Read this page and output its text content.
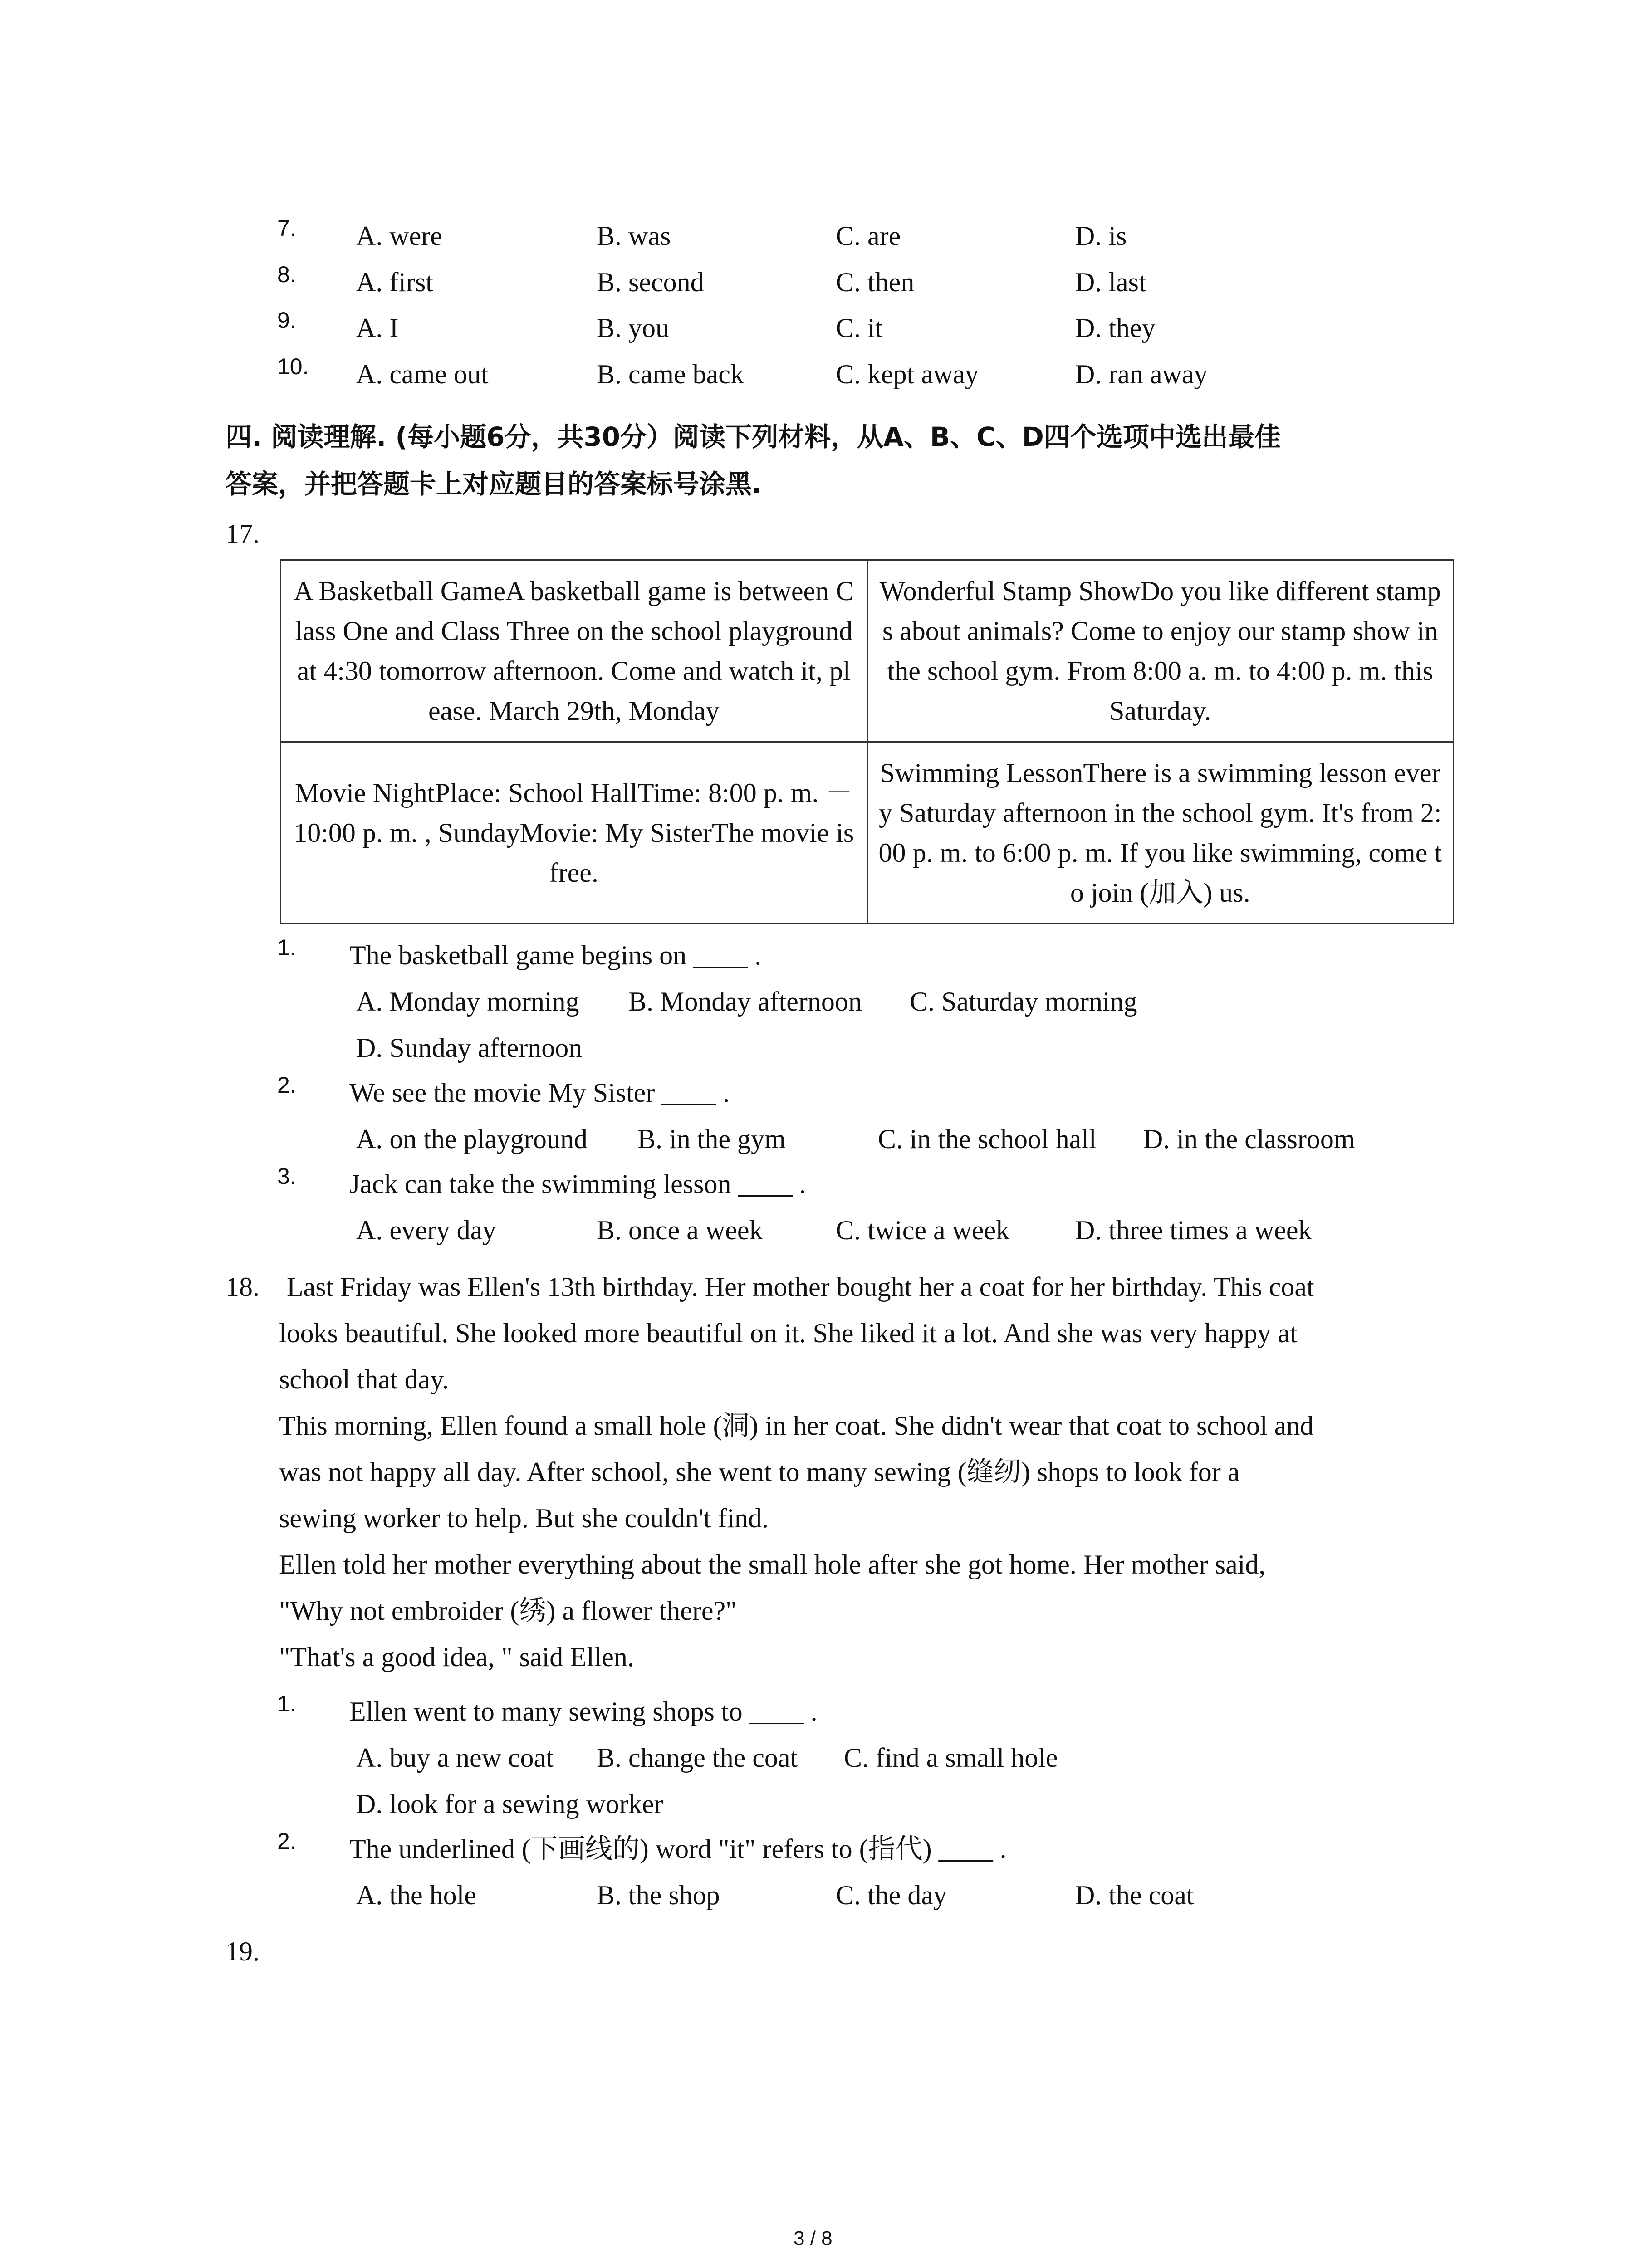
7. A. were	B. was	C. are	D. is
8. A. first	B. second	C. then	D. last
9. A. I	B. you	C. it	D. they
10. A. came out	B. came back	C. kept away	D. ran away
四. 阅读理解. (每小题6分，共30分）阅读下列材料，从A、B、C、D四个选项中选出最佳
答案，并把答题卡上对应题目的答案标号涂黑.
17.
A Basketball GameA basketball game is between Class One and Class Three on the school playground at 4:30 tomorrow afternoon. Come and watch it, please. March 29th, Monday	Wonderful Stamp ShowDo you like different stamps about animals? Come to enjoy our stamp show in the school gym. From 8:00 a. m. to 4:00 p. m. this Saturday.
Movie NightPlace: School HallTime: 8:00 p. m. －10:00 p. m. , SundayMovie: My SisterThe movie is free.	Swimming LessonThere is a swimming lesson every Saturday afternoon in the school gym. It's from 2:00 p. m. to 6:00 p. m. If you like swimming, come to join (加入) us.
1. The basketball game begins on ____ .
A. Monday morning B. Monday afternoon C. Saturday morning
D. Sunday afternoon
2. We see the movie My Sister ____ .
A. on the playground B. in the gym	C. in the school hall D. in the classroom
3. Jack can take the swimming lesson ____ .
A. every day	B. once a week	C. twice a week D. three times a week
18. Last Friday was Ellen's 13th birthday. Her mother bought her a coat for her birthday. This coat
looks beautiful. She looked more beautiful on it. She liked it a lot. And she was very happy at
school that day.
This morning, Ellen found a small hole (洞) in her coat. She didn't wear that coat to school and
was not happy all day. After school, she went to many sewing (缝纫) shops to look for a
sewing worker to help. But she couldn't find.
Ellen told her mother everything about the small hole after she got home. Her mother said,
"Why not embroider (绣) a flower there?"
"That's a good idea, " said Ellen.
1. Ellen went to many sewing shops to ____ .
A. buy a new coat B. change the coat C. find a small hole
D. look for a sewing worker
2. The underlined (下画线的) word "it" refers to (指代) ____ .
A. the hole	B. the shop	C. the day	D. the coat
19.
3 / 8
